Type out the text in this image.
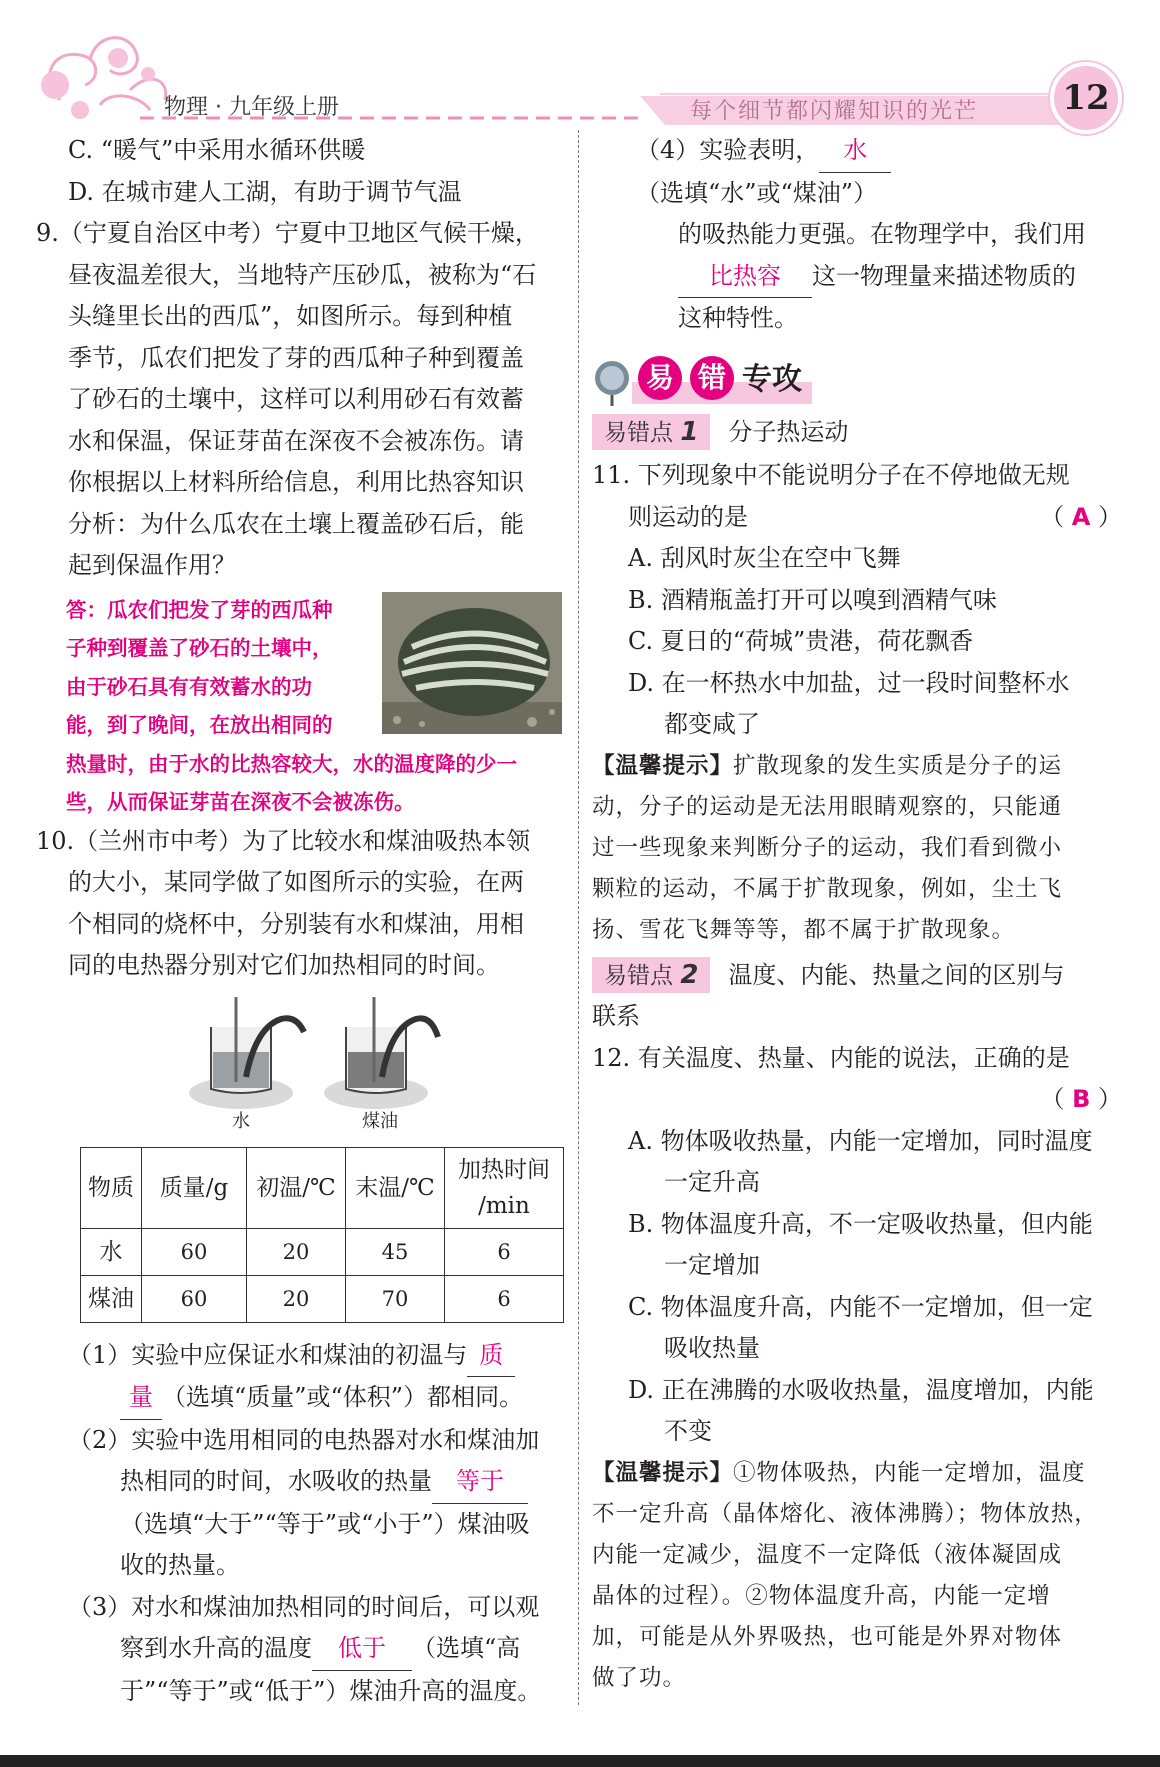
物理 · 九年级上册	每个细节都闪耀知识的光芒	12

C. “暖气”中采用水循环供暖

D. 在城市建人工湖，有助于调节气温

9.（宁夏自治区中考）宁夏中卫地区气候干燥，

昼夜温差很大，当地特产压砂瓜，被称为“石

头缝里长出的西瓜”，如图所示。每到种植

季节，瓜农们把发了芽的西瓜种子种到覆盖

了砂石的土壤中，这样可以利用砂石有效蓄

水和保温，保证芽苗在深夜不会被冻伤。请

你根据以上材料所给信息，利用比热容知识

分析：为什么瓜农在土壤上覆盖砂石后，能

起到保温作用？

答：瓜农们把发了芽的西瓜种
子种到覆盖了砂石的土壤中，
由于砂石具有有效蓄水的功
能，到了晚间，在放出相同的
热量时，由于水的比热容较大，水的温度降的少一
些，从而保证芽苗在深夜不会被冻伤。

10.（兰州市中考）为了比较水和煤油吸热本领

的大小，某同学做了如图所示的实验，在两

个相同的烧杯中，分别装有水和煤油，用相

同的电热器分别对它们加热相同的时间。

水	煤油
物质	质量/g	初温/℃	末温/℃	加热时间
/min
水	60	20	45	6
煤油	60	20	70	6

（1）实验中应保证水和煤油的初温与 质

量 （选填“质量”或“体积”）都相同。

（2）实验中选用相同的电热器对水和煤油加

热相同的时间，水吸收的热量 等于

（选填“大于”“等于”或“小于”）煤油吸

收的热量。

（3）对水和煤油加热相同的时间后，可以观

察到水升高的温度 低于 （选填“高

于”“等于”或“低于”）煤油升高的温度。

（4）实验表明， 水（选填“水”或“煤油”）

的吸热能力更强。在物理学中，我们用

比热容 这一物理量来描述物质的

这种特性。

易 错 专攻
易错点 1 分子热运动

11. 下列现象中不能说明分子在不停地做无规

则运动的是	（ A ）

A. 刮风时灰尘在空中飞舞

B. 酒精瓶盖打开可以嗅到酒精气味

C. 夏日的“荷城”贵港，荷花飘香

D. 在一杯热水中加盐，过一段时间整杯水

都变咸了

【温馨提示】扩散现象的发生实质是分子的运
动，分子的运动是无法用眼睛观察的，只能通
过一些现象来判断分子的运动，我们看到微小
颗粒的运动，不属于扩散现象，例如，尘土飞
扬、雪花飞舞等等，都不属于扩散现象。
易错点 2 温度、内能、热量之间的区别与
联系

12. 有关温度、热量、内能的说法，正确的是

（ B ）

A. 物体吸收热量，内能一定增加，同时温度

一定升高

B. 物体温度升高，不一定吸收热量，但内能

一定增加

C. 物体温度升高，内能不一定增加，但一定

吸收热量

D. 正在沸腾的水吸收热量，温度增加，内能

不变

【温馨提示】①物体吸热，内能一定增加，温度
不一定升高（晶体熔化、液体沸腾）；物体放热，
内能一定减少，温度不一定降低（液体凝固成
晶体的过程）。②物体温度升高，内能一定增
加，可能是从外界吸热，也可能是外界对物体
做了功。
